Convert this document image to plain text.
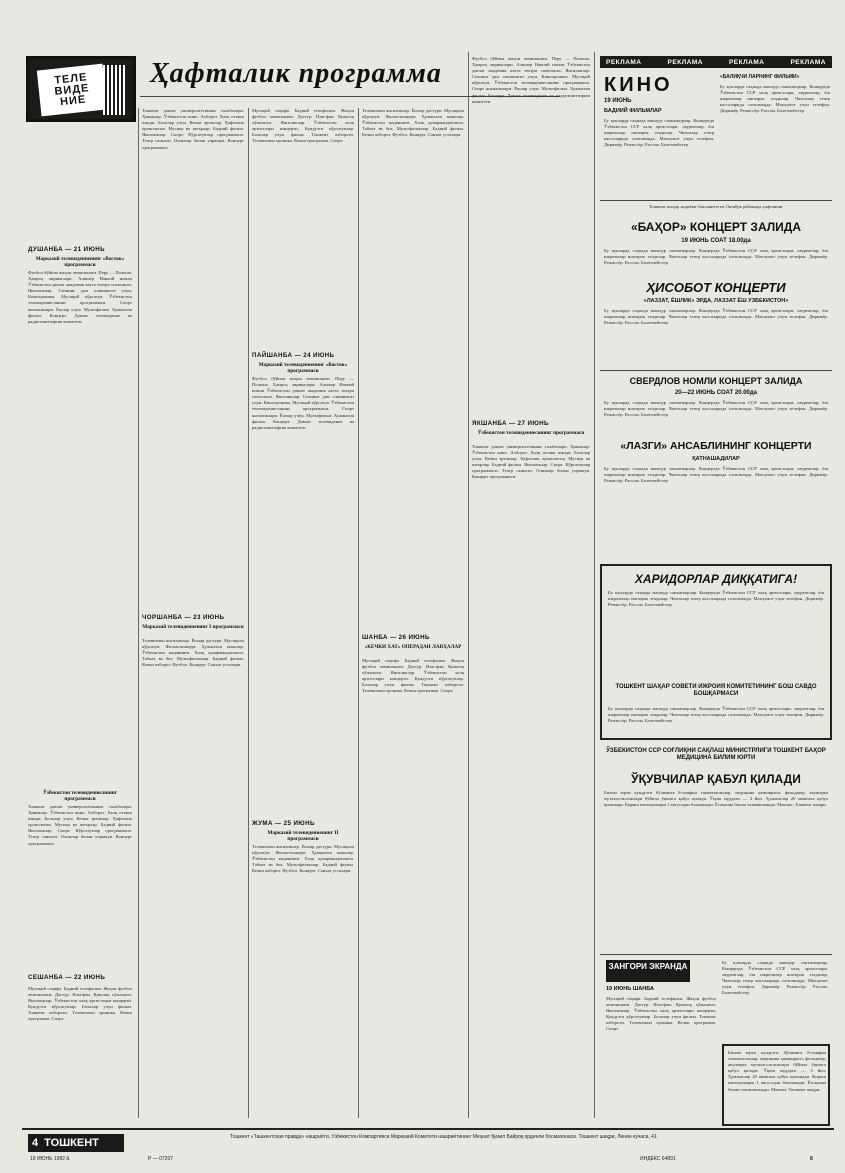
ТЕЛЕ
ВИДЕ
НИЕ
Ҳафталик программа
ДУШАНБА — 21 ИЮНЬ
Марказий телевидениенинг «Восток» программаси
Футбол бўйича жаҳон чемпионати. Перу — Польша. Ҳамроҳ лирикалари. Алишер Навоий номли Ўзбекистон давлат академик катта театри спектакли. Янгиликлар. Сизнинг дам олишингиз учун. Кинохроника. Мусиқий кўрсатув. Ўзбекистон телевидениесининг программаси. Спорт янгиликлари. Ёшлар учун. Мультфильм. Хужжатли фильм. Концерт. Давлат телевидение ва радиоэшиттириш комитети.
Ўзбекистон телевидениесининг программаси
Тошкент давлат университетининг талабалари. Ҳикоялар. Ўзбекистон кино. Ахборот. Халқ оғзаки ижоди. Болалар учун. Кечки эртаклар. Ҳафталик хронология. Мусиқа ва шеърлар. Бадиий фильм. Янгиликлар. Спорт. Кўрсатувлар программаси. Театр санъати. Олимлар билан учрашув. Концерт программаси.
СЕШАНБА — 22 ИЮНЬ
Мусиқий саҳифа. Бадиий телефильм. Жаҳон футбол чемпионати. Дастур. Илм-фан. Қишлоқ хўжалиги. Янгиликлар. Ўзбекистон халқ артистлари концерти. Кундузги кўрсатувлар. Болалар учун фильм. Тошкент ахбороти. Телевизион хроника. Кечки программа. Спорт.
Тошкент давлат университетининг талабалари. Ҳикоялар. Ўзбекистон кино. Ахборот. Халқ оғзаки ижоди. Болалар учун. Кечки эртаклар. Ҳафталик хронология. Мусиқа ва шеърлар. Бадиий фильм. Янгиликлар. Спорт. Кўрсатувлар программаси. Театр санъати. Олимлар билан учрашув. Концерт программаси.
ЧОРШАНБА — 23 ИЮНЬ
Марказий телевидениенинг I программаси
Телевизион янгиликлар. Ёшлар дастури. Мусиқали кўрсатув. Фильм-концерт. Ҳужжатли кинолар. Ўзбекистон маданияти. Халқ ҳунармандчилиги. Табиат ва биз. Мультфильмлар. Бадиий фильм. Кечки ахборот. Футбол. Концерт. Санъат усталари.
Мусиқий саҳифа. Бадиий телефильм. Жаҳон футбол чемпионати. Дастур. Илм-фан. Қишлоқ хўжалиги. Янгиликлар. Ўзбекистон халқ артистлари концерти. Кундузги кўрсатувлар. Болалар учун фильм. Тошкент ахбороти. Телевизион хроника. Кечки программа. Спорт.
ПАЙШАНБА — 24 ИЮНЬ
Марказий телевидениенинг «Восток» программаси
Футбол бўйича жаҳон чемпионати. Перу — Польша. Ҳамроҳ лирикалари. Алишер Навоий номли Ўзбекистон давлат академик катта театри спектакли. Янгиликлар. Сизнинг дам олишингиз учун. Кинохроника. Мусиқий кўрсатув. Ўзбекистон телевидениесининг программаси. Спорт янгиликлари. Ёшлар учун. Мультфильм. Хужжатли фильм. Концерт. Давлат телевидение ва радиоэшиттириш комитети.
ЖУМА — 25 ИЮНЬ
Марказий телевидениенинг II программаси
Телевизион янгиликлар. Ёшлар дастури. Мусиқали кўрсатув. Фильм-концерт. Ҳужжатли кинолар. Ўзбекистон маданияти. Халқ ҳунармандчилиги. Табиат ва биз. Мультфильмлар. Бадиий фильм. Кечки ахборот. Футбол. Концерт. Санъат усталари.
Телевизион янгиликлар. Ёшлар дастури. Мусиқали кўрсатув. Фильм-концерт. Ҳужжатли кинолар. Ўзбекистон маданияти. Халқ ҳунармандчилиги. Табиат ва биз. Мультфильмлар. Бадиий фильм. Кечки ахборот. Футбол. Концерт. Санъат усталари.
ШАНБА — 26 ИЮНЬ
«КЕЧКИ ХАТ» ОПЕРАДАН ЛАВҲАЛАР
Мусиқий саҳифа. Бадиий телефильм. Жаҳон футбол чемпионати. Дастур. Илм-фан. Қишлоқ хўжалиги. Янгиликлар. Ўзбекистон халқ артистлари концерти. Кундузги кўрсатувлар. Болалар учун фильм. Тошкент ахбороти. Телевизион хроника. Кечки программа. Спорт.
Футбол бўйича жаҳон чемпионати. Перу — Польша. Ҳамроҳ лирикалари. Алишер Навоий номли Ўзбекистон давлат академик катта театри спектакли. Янгиликлар. Сизнинг дам олишингиз учун. Кинохроника. Мусиқий кўрсатув. Ўзбекистон телевидениесининг программаси. Спорт янгиликлари. Ёшлар учун. Мультфильм. Хужжатли фильм. Концерт. Давлат телевидение ва радиоэшиттириш комитети.
ЯКШАНБА — 27 ИЮНЬ
Ўзбекистон телевидениесининг программаси
Тошкент давлат университетининг талабалари. Ҳикоялар. Ўзбекистон кино. Ахборот. Халқ оғзаки ижоди. Болалар учун. Кечки эртаклар. Ҳафталик хронология. Мусиқа ва шеърлар. Бадиий фильм. Янгиликлар. Спорт. Кўрсатувлар программаси. Театр санъати. Олимлар билан учрашув. Концерт программаси.
РЕКЛАМА	РЕКЛАМА	РЕКЛАМА	РЕКЛАМА
КИНО
19 ИЮНЬ
БАДИИЙ ФИЛЬМЛАР
Бу кунларда саҳнада машҳур санъаткорлар. Концертда Ўзбекистон ССР халқ артистлари, лауреатлар, ёш ижрочилар иштирок этадилар. Чипталар театр кассаларида сотилмоқда. Маълумот учун телефон. Дирижёр. Режиссёр. Рассом. Балетмейстер.
«БАЛИҚЧИ ЛАРНИНГ ФИЛЬМИ»
Бу кунларда саҳнада машҳур санъаткорлар. Концертда Ўзбекистон ССР халқ артистлари, лауреатлар, ёш ижрочилар иштирок этадилар. Чипталар театр кассаларида сотилмоқда. Маълумот учун телефон. Дирижёр. Режиссёр. Рассом. Балетмейстер.
Тошкент шаҳар эндиёки бошланғич ва Октябрь районида ҳафтанинг
«БАҲОР» КОНЦЕРТ ЗАЛИДА
19 ИЮНЬ СОАТ 18.00да
Бу кунларда саҳнада машҳур санъаткорлар. Концертда Ўзбекистон ССР халқ артистлари, лауреатлар, ёш ижрочилар иштирок этадилар. Чипталар театр кассаларида сотилмоқда. Маълумот учун телефон. Дирижёр. Режиссёр. Рассом. Балетмейстер.
ҲИСОБОТ КОНЦЕРТИ
«ЛАЗЗАТ, ЁШЛИК» ЭРДА, ЛАЗЗАТ ЁШ УЗБЕКИСТОН»
Бу кунларда саҳнада машҳур санъаткорлар. Концертда Ўзбекистон ССР халқ артистлари, лауреатлар, ёш ижрочилар иштирок этадилар. Чипталар театр кассаларида сотилмоқда. Маълумот учун телефон. Дирижёр. Режиссёр. Рассом. Балетмейстер.
СВЕРДЛОВ НОМЛИ КОНЦЕРТ ЗАЛИДА
20—22 ИЮНЬ СОАТ 20.00да
Бу кунларда саҳнада машҳур санъаткорлар. Концертда Ўзбекистон ССР халқ артистлари, лауреатлар, ёш ижрочилар иштирок этадилар. Чипталар театр кассаларида сотилмоқда. Маълумот учун телефон. Дирижёр. Режиссёр. Рассом. Балетмейстер.
«ЛАЗГИ» АНСАБЛИНИНГ КОНЦЕРТИ
ҚАТНАШАДИЛАР
Бу кунларда саҳнада машҳур санъаткорлар. Концертда Ўзбекистон ССР халқ артистлари, лауреатлар, ёш ижрочилар иштирок этадилар. Чипталар театр кассаларида сотилмоқда. Маълумот учун телефон. Дирижёр. Режиссёр. Рассом. Балетмейстер.
ХАРИДОРЛАР ДИҚҚАТИГА!
Бу кунларда саҳнада машҳур санъаткорлар. Концертда Ўзбекистон ССР халқ артистлари, лауреатлар, ёш ижрочилар иштирок этадилар. Чипталар театр кассаларида сотилмоқда. Маълумот учун телефон. Дирижёр. Режиссёр. Рассом. Балетмейстер.
ТОШКЕНТ ШАҲАР СОВЕТИ ИЖРОИЯ КОМИТЕТИНИНГ БОШ САВДО БОШҚАРМАСИ
Бу кунларда саҳнада машҳур санъаткорлар. Концертда Ўзбекистон ССР халқ артистлари, лауреатлар, ёш ижрочилар иштирок этадилар. Чипталар театр кассаларида сотилмоқда. Маълумот учун телефон. Дирижёр. Режиссёр. Рассом. Балетмейстер.
ЎЗБЕКИСТОН ССР СОҒЛИҚНИ САҚЛАШ МИНИСТРЛИГИ ТОШКЕНТ БАҲОР МЕДИЦИНА БИЛИМ ЮРТИ
ЎҚУВЧИЛАР ҚАБУЛ ҚИЛАДИ
Билим юрти кундузги бўлимига 8-синфни тамомлаганлар, медицина ҳамшираси, фельдшер, акушерка мутахассисликлари бўйича ўқишга қабул қилади. Ўқиш муддати — 3 йил. Ҳужжатлар 20 июнгача қабул қилинади. Кириш имтиҳонлари 1 августдан бошланади. Ётоқхона билан таъминланади. Манзил: Тошкент шаҳри.
ЗАНГОРИ ЭКРАНДА
19 ИЮНЬ ШАНБА
Мусиқий саҳифа. Бадиий телефильм. Жаҳон футбол чемпионати. Дастур. Илм-фан. Қишлоқ хўжалиги. Янгиликлар. Ўзбекистон халқ артистлари концерти. Кундузги кўрсатувлар. Болалар учун фильм. Тошкент ахбороти. Телевизион хроника. Кечки программа. Спорт.
Бу кунларда саҳнада машҳур санъаткорлар. Концертда Ўзбекистон ССР халқ артистлари, лауреатлар, ёш ижрочилар иштирок этадилар. Чипталар театр кассаларида сотилмоқда. Маълумот учун телефон. Дирижёр. Режиссёр. Рассом. Балетмейстер.
Билим юрти кундузги бўлимига 8-синфни тамомлаганлар, медицина ҳамшираси, фельдшер, акушерка мутахассисликлари бўйича ўқишга қабул қилади. Ўқиш муддати — 3 йил. Ҳужжатлар 20 июнгача қабул қилинади. Кириш имтиҳонлари 1 августдан бошланади. Ётоқхона билан таъминланади. Манзил: Тошкент шаҳри.
4 ТОШКЕНТ
19 ИЮНЬ 1982 й.	Р — 07207
Тошкент «Ташкентская правда» нашриёти, Ўзбекистон Компартияси Марказий Комитети нашриётининг Меҳнат Қизил Байроқ орденли босмахонаси. Тошкент шаҳри, Ленин кўчаси, 41.
ИНДЕКС 64891	8
